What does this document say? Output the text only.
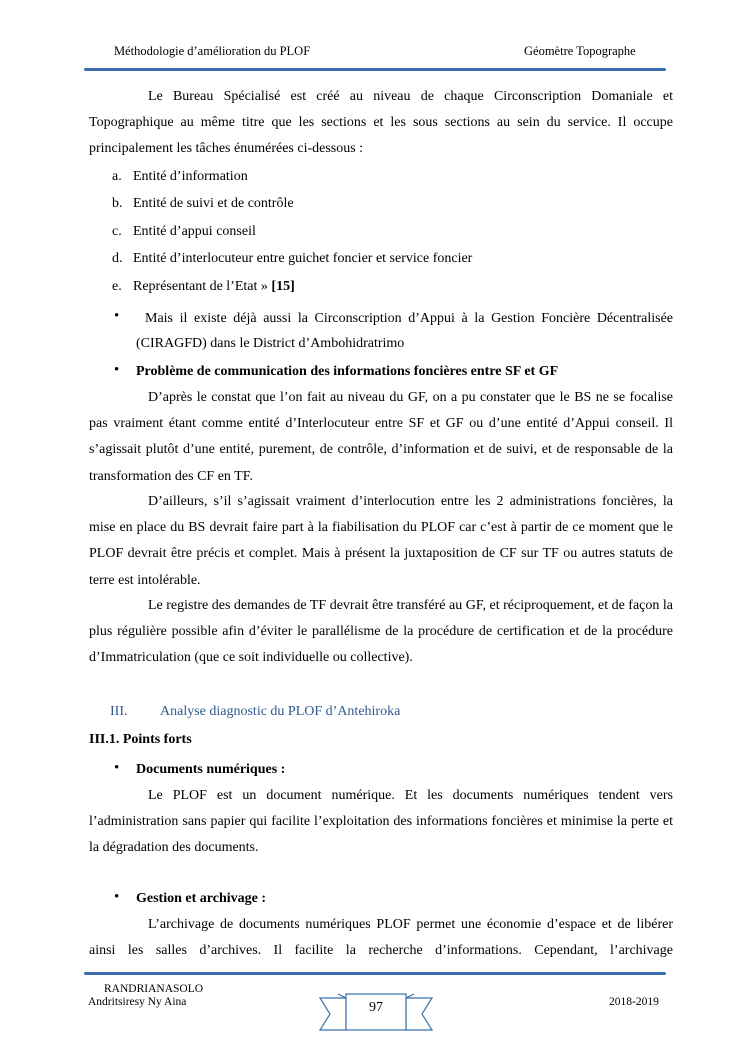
Méthodologie d’amélioration du PLOF	Géomètre Topographe

Le Bureau Spécialisé est créé au niveau de chaque Circonscription Domaniale et Topographique au même titre que les sections et les sous sections au sein du service. Il occupe principalement les tâches énumérées ci-dessous :

a. Entité d’information
b. Entité de suivi et de contrôle
c. Entité d’appui conseil
d. Entité d’interlocuteur entre guichet foncier et service foncier
e. Représentant de l’Etat » [15]
• Mais il existe déjà aussi la Circonscription d’Appui à la Gestion Foncière Décentralisée
(CIRAGFD) dans le District d’Ambohidratrimo
• Problème de communication des informations foncières entre SF et GF

D’après le constat que l’on fait au niveau du GF, on a pu constater que le BS ne se focalise pas vraiment étant comme entité d’Interlocuteur entre SF et GF ou d’une entité d’Appui conseil. Il s’agissait plutôt d’une entité, purement, de contrôle, d’information et de suivi, et de responsable de la transformation des CF en TF.

D’ailleurs, s’il s’agissait vraiment d’interlocution entre les 2 administrations foncières, la mise en place du BS devrait faire part à la fiabilisation du PLOF car c’est à partir de ce moment que le PLOF devrait être précis et complet. Mais à présent la juxtaposition de CF sur TF ou autres statuts de terre est intolérable.

Le registre des demandes de TF devrait être transféré au GF, et réciproquement, et de façon la plus régulière possible afin d’éviter le parallélisme de la procédure de certification et de la procédure d’Immatriculation (que ce soit individuelle ou collective).

III. Analyse diagnostic du PLOF d’Antehiroka
III.1. Points forts
• Documents numériques :

Le PLOF est un document numérique. Et les documents numériques tendent vers l’administration sans papier qui facilite l’exploitation des informations foncières et minimise la perte et la dégradation des documents.

• Gestion et archivage :

L’archivage de documents numériques PLOF permet une économie d’espace et de libérer ainsi les salles d’archives. Il facilite la recherche d’informations. Cependant, l’archivage

RANDRIANASOLO
Andritsiresy Ny Aina	2018-2019
97
